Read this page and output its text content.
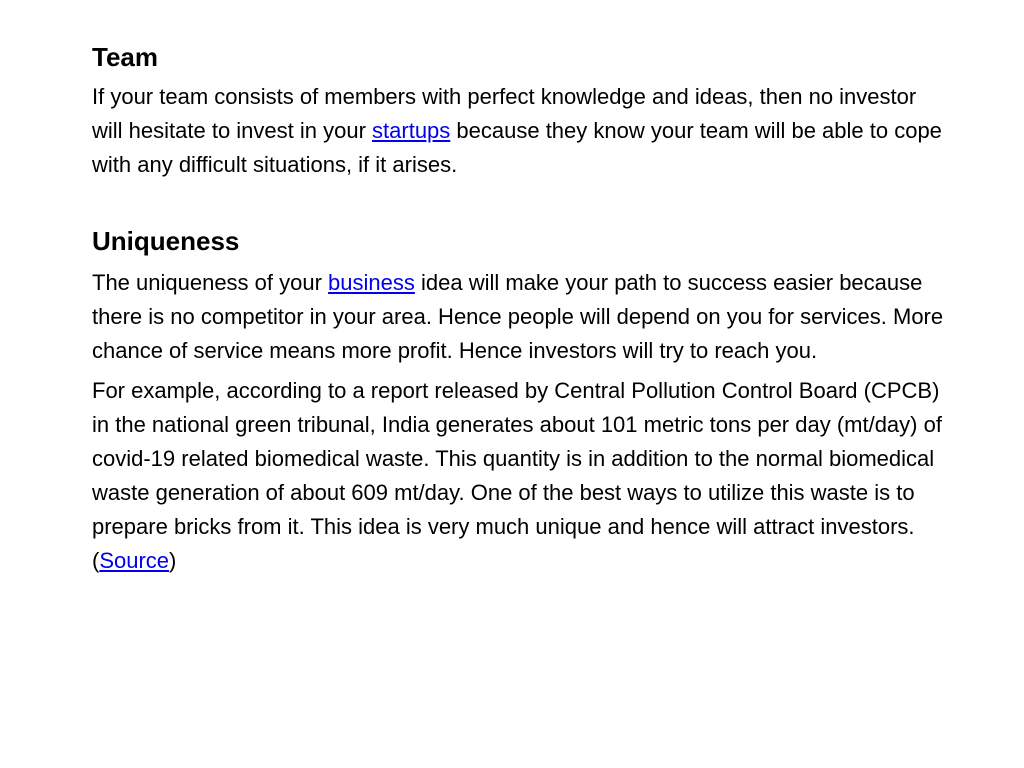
Team

If your team consists of members with perfect knowledge and ideas, then no investor will hesitate to invest in your startups because they know your team will be able to cope with any difficult situations, if it arises.

Uniqueness

The uniqueness of your business idea will make your path to success easier because there is no competitor in your area. Hence people will depend on you for services. More chance of service means more profit. Hence investors will try to reach you.

For example, according to a report released by Central Pollution Control Board (CPCB) in the national green tribunal, India generates about 101 metric tons per day (mt/day) of covid-19 related biomedical waste. This quantity is in addition to the normal biomedical waste generation of about 609 mt/day. One of the best ways to utilize this waste is to prepare bricks from it. This idea is very much unique and hence will attract investors. (Source)
